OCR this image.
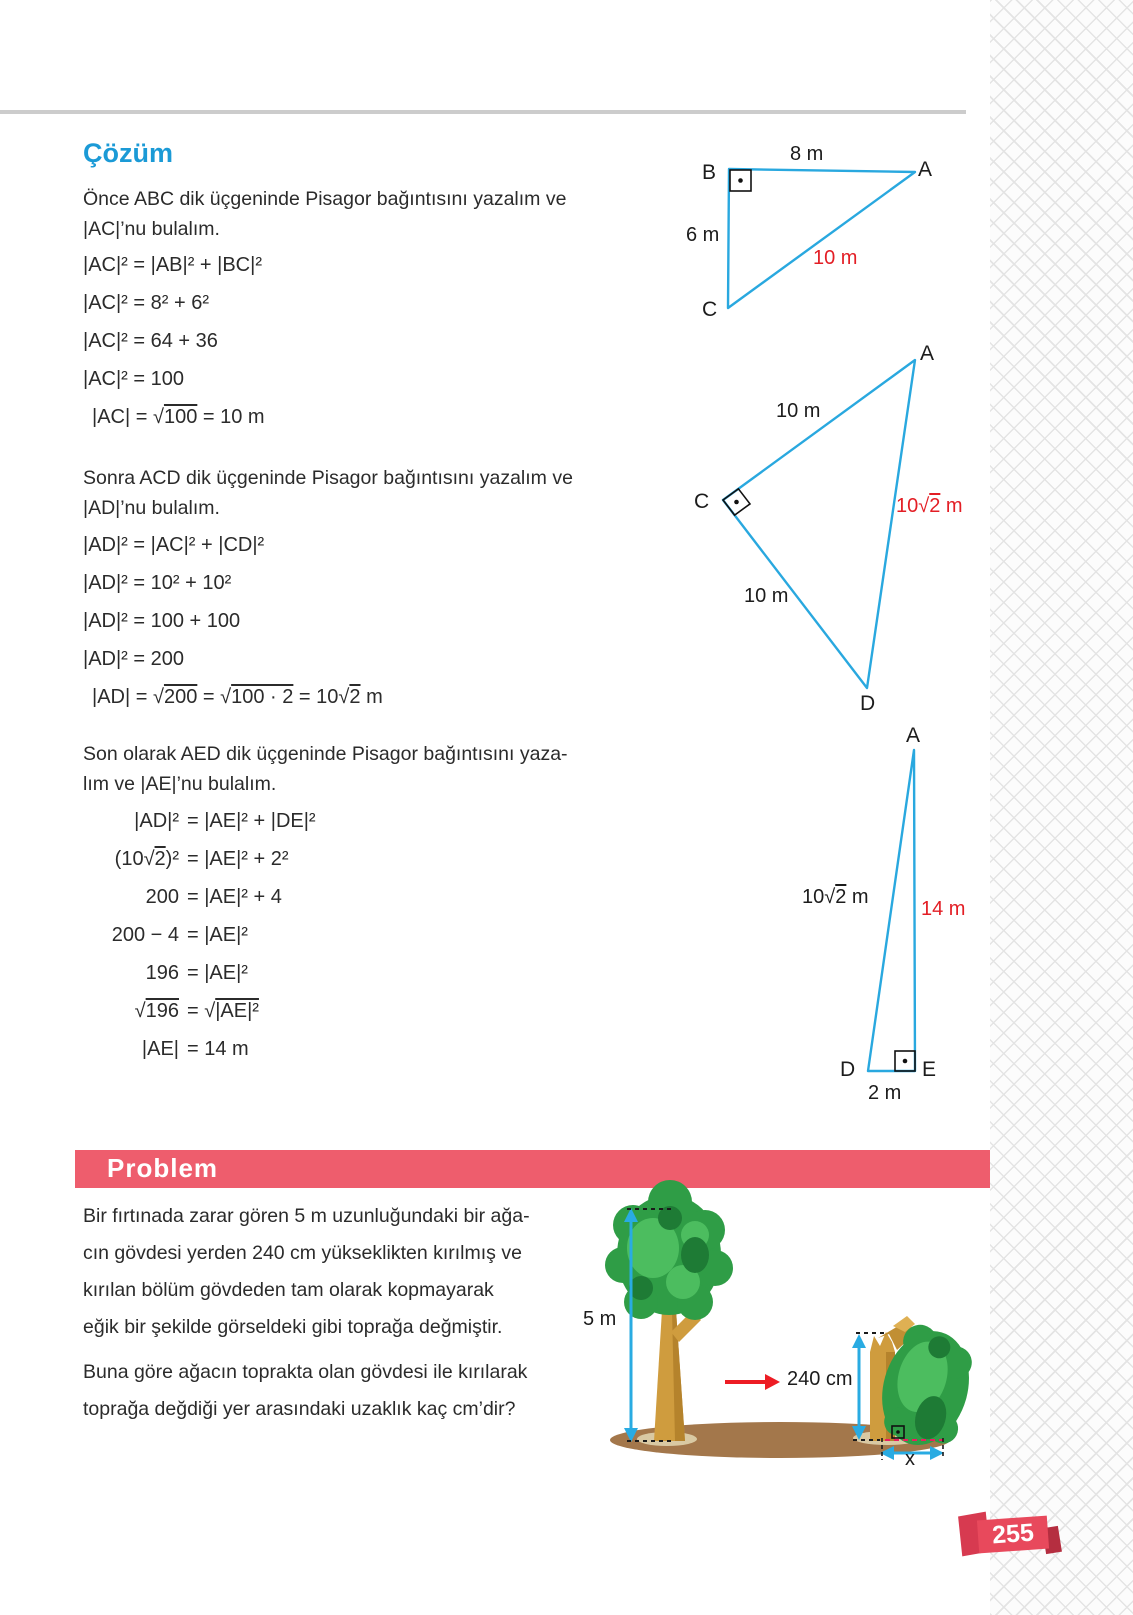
Çözüm
Önce ABC dik üçgeninde Pisagor bağıntısını yazalım ve
|AC|’nu bulalım.
Sonra ACD dik üçgeninde Pisagor bağıntısını yazalım ve
|AD|’nu bulalım.
Son olarak AED dik üçgeninde Pisagor bağıntısını yaza-
lım ve |AE|’nu bulalım.
|AC|² = |AB|² + |BC|²
|AC|² = 8² + 6²
|AC|² = 64 + 36
|AC|² = 100
|AC| = √100 = 10 m
|AD|² = |AC|² + |CD|²
|AD|² = 10² + 10²
|AD|² = 100 + 100
|AD|² = 200
|AD| = √200 = √100 · 2 = 10√2 m
|AD|² = |AE|² + |DE|²
(10√2)² = |AE|² + 2²
200 = |AE|² + 4
200 − 4 = |AE|²
196 = |AE|²
√196 = √|AE|²
|AE| = 14 m
B	A
C
8 m
6 m
10 m
A
C
D
10 m
10 m
10√2 m
A
D	E
10√2 m
14 m
2 m
Problem
Bir fırtınada zarar gören 5 m uzunluğundaki bir ağa-
cın gövdesi yerden 240 cm yükseklikten kırılmış ve
kırılan bölüm gövdeden tam olarak kopmayarak
eğik bir şekilde görseldeki gibi toprağa değmiştir.
Buna göre ağacın toprakta olan gövdesi ile kırılarak
toprağa değdiği yer arasındaki uzaklık kaç cm’dir?
5 m
240 cm
x
255
